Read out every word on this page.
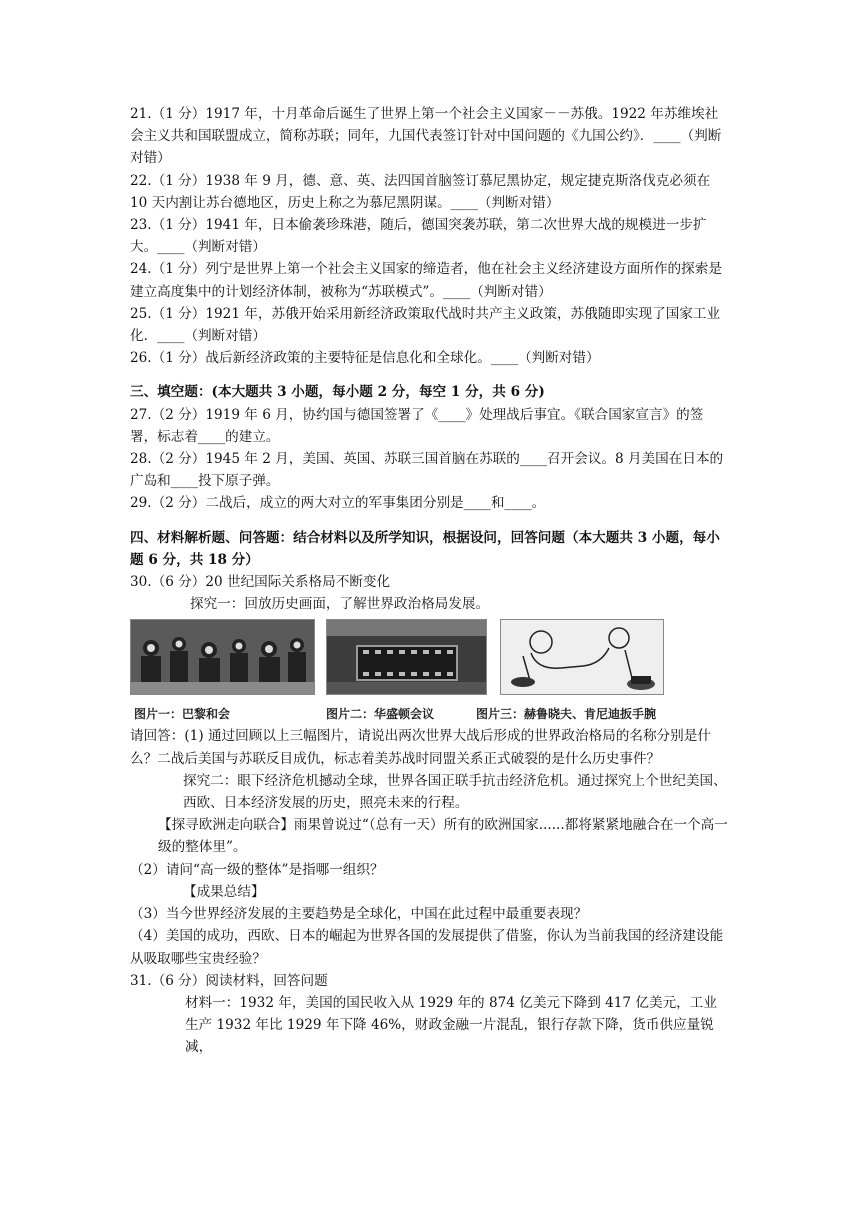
21.（1 分）1917 年，十月革命后诞生了世界上第一个社会主义国家－－苏俄。1922 年苏维埃社会主义共和国联盟成立，简称苏联；同年，九国代表签订针对中国问题的《九国公约》．____（判断对错）

22.（1 分）1938 年 9 月，德、意、英、法四国首脑签订慕尼黑协定，规定捷克斯洛伐克必须在 10 天内割让苏台德地区，历史上称之为慕尼黑阴谋。____（判断对错）

23.（1 分）1941 年，日本偷袭珍珠港，随后，德国突袭苏联，第二次世界大战的规模进一步扩大。____（判断对错）

24.（1 分）列宁是世界上第一个社会主义国家的缔造者，他在社会主义经济建设方面所作的探索是建立高度集中的计划经济体制，被称为“苏联模式”。____（判断对错）

25.（1 分）1921 年，苏俄开始采用新经济政策取代战时共产主义政策，苏俄随即实现了国家工业化．____（判断对错）

26.（1 分）战后新经济政策的主要特征是信息化和全球化。____（判断对错）

三、填空题：(本大题共 3 小题，每小题 2 分，每空 1 分，共 6 分)

27.（2 分）1919 年 6 月，协约国与德国签署了《____》处理战后事宜。《联合国家宣言》的签署，标志着____的建立。

28.（2 分）1945 年 2 月，美国、英国、苏联三国首脑在苏联的____召开会议。8 月美国在日本的广岛和____投下原子弹。

29.（2 分）二战后，成立的两大对立的军事集团分别是____和____。

四、材料解析题、问答题：结合材料以及所学知识，根据设问，回答问题（本大题共 3 小题，每小题 6 分，共 18 分）

30.（6 分）20 世纪国际关系格局不断变化

探究一：回放历史画面，了解世界政治格局发展。

图片一：巴黎和会	图片二：华盛顿会议	图片三：赫鲁晓夫、肯尼迪扳手腕

请回答：(1) 通过回顾以上三幅图片，请说出两次世界大战后形成的世界政治格局的名称分别是什么？二战后美国与苏联反目成仇，标志着美苏战时同盟关系正式破裂的是什么历史事件？

探究二：眼下经济危机撼动全球，世界各国正联手抗击经济危机。通过探究上个世纪美国、西欧、日本经济发展的历史，照亮未来的行程。

【探寻欧洲走向联合】雨果曾说过“（总有一天）所有的欧洲国家......都将紧紧地融合在一个高一级的整体里”。

（2）请问“高一级的整体”是指哪一组织？

【成果总结】

（3）当今世界经济发展的主要趋势是全球化，中国在此过程中最重要表现？

（4）美国的成功，西欧、日本的崛起为世界各国的发展提供了借鉴，你认为当前我国的经济建设能从吸取哪些宝贵经验？

31.（6 分）阅读材料，回答问题

材料一：1932 年，美国的国民收入从 1929 年的 874 亿美元下降到 417 亿美元，工业生产 1932 年比 1929 年下降 46%，财政金融一片混乱，银行存款下降，货币供应量锐减，
